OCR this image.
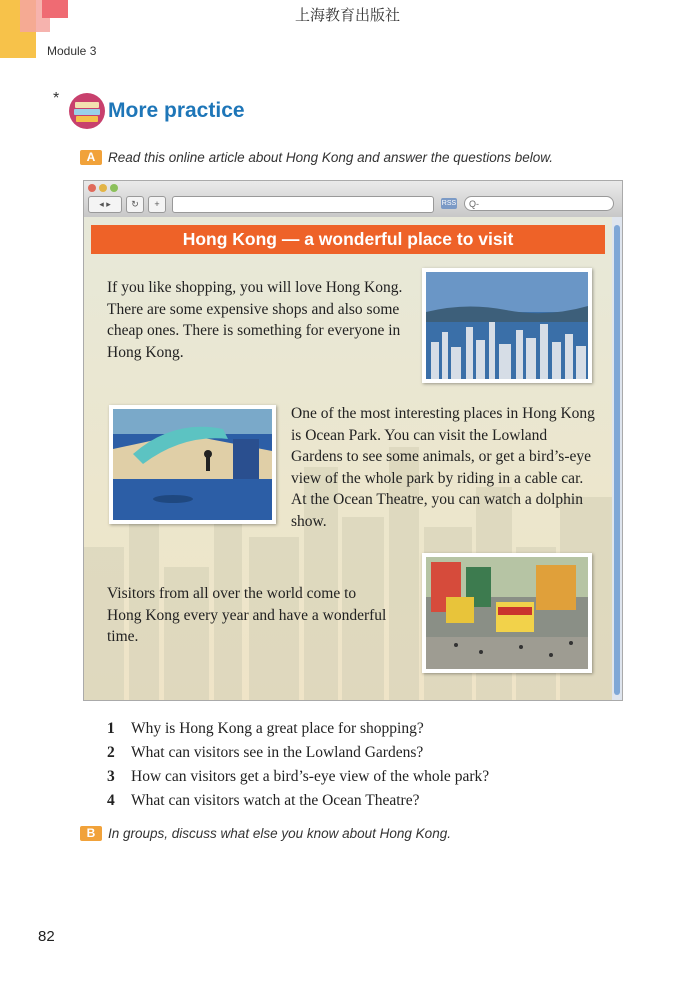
上海教育出版社
Module 3
*
More practice
A Read this online article about Hong Kong and answer the questions below.
◂ ▸	↻	+	RSS	Q-
Hong Kong — a wonderful place to visit
If you like shopping, you will love Hong Kong. There are some expensive shops and also some cheap ones. There is something for everyone in Hong Kong.
One of the most interesting places in Hong Kong is Ocean Park. You can visit the Lowland Gardens to see some animals, or get a bird’s-eye view of the whole park by riding in a cable car. At the Ocean Theatre, you can watch a dolphin show.
Visitors from all over the world come to Hong Kong every year and have a wonderful time.
1	Why is Hong Kong a great place for shopping?
2	What can visitors see in the Lowland Gardens?
3	How can visitors get a bird’s-eye view of the whole park?
4	What can visitors watch at the Ocean Theatre?
B In groups, discuss what else you know about Hong Kong.
82
